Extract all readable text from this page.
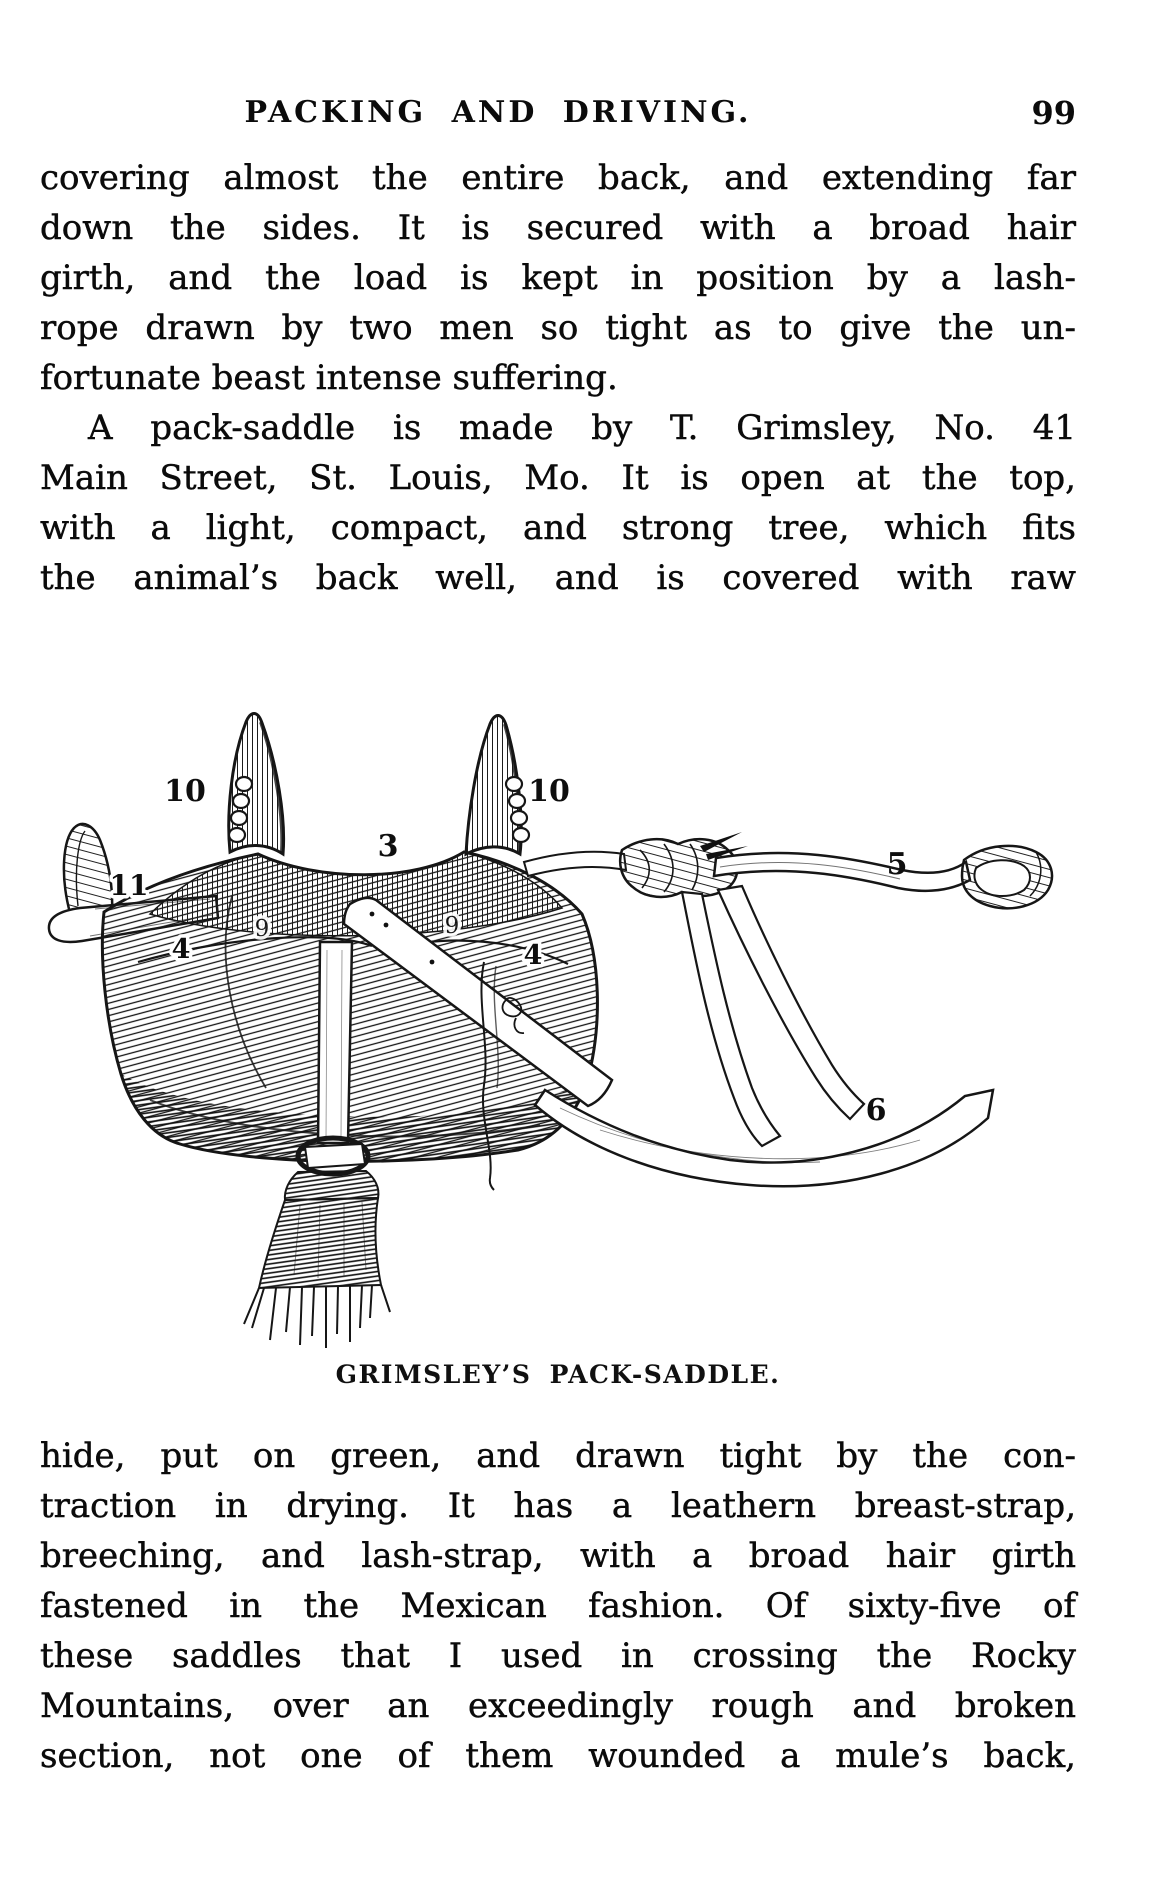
PACKING AND DRIVING.	99
covering almost the entire back, and extending far
down the sides. It is secured with a broad hair
girth, and the load is kept in position by a lash-
rope drawn by two men so tight as to give the un-
fortunate beast intense suffering.
A pack-saddle is made by T. Grimsley, No. 41
Main Street, St. Louis, Mo. It is open at the top,
with a light, compact, and strong tree, which fits
the animal’s back well, and is covered with raw
10	10
3
11
4
9	9
4
5
6
GRIMSLEY’S PACK-SADDLE.
hide, put on green, and drawn tight by the con-
traction in drying. It has a leathern breast-strap,
breeching, and lash-strap, with a broad hair girth
fastened in the Mexican fashion. Of sixty-five of
these saddles that I used in crossing the Rocky
Mountains, over an exceedingly rough and broken
section, not one of them wounded a mule’s back,
